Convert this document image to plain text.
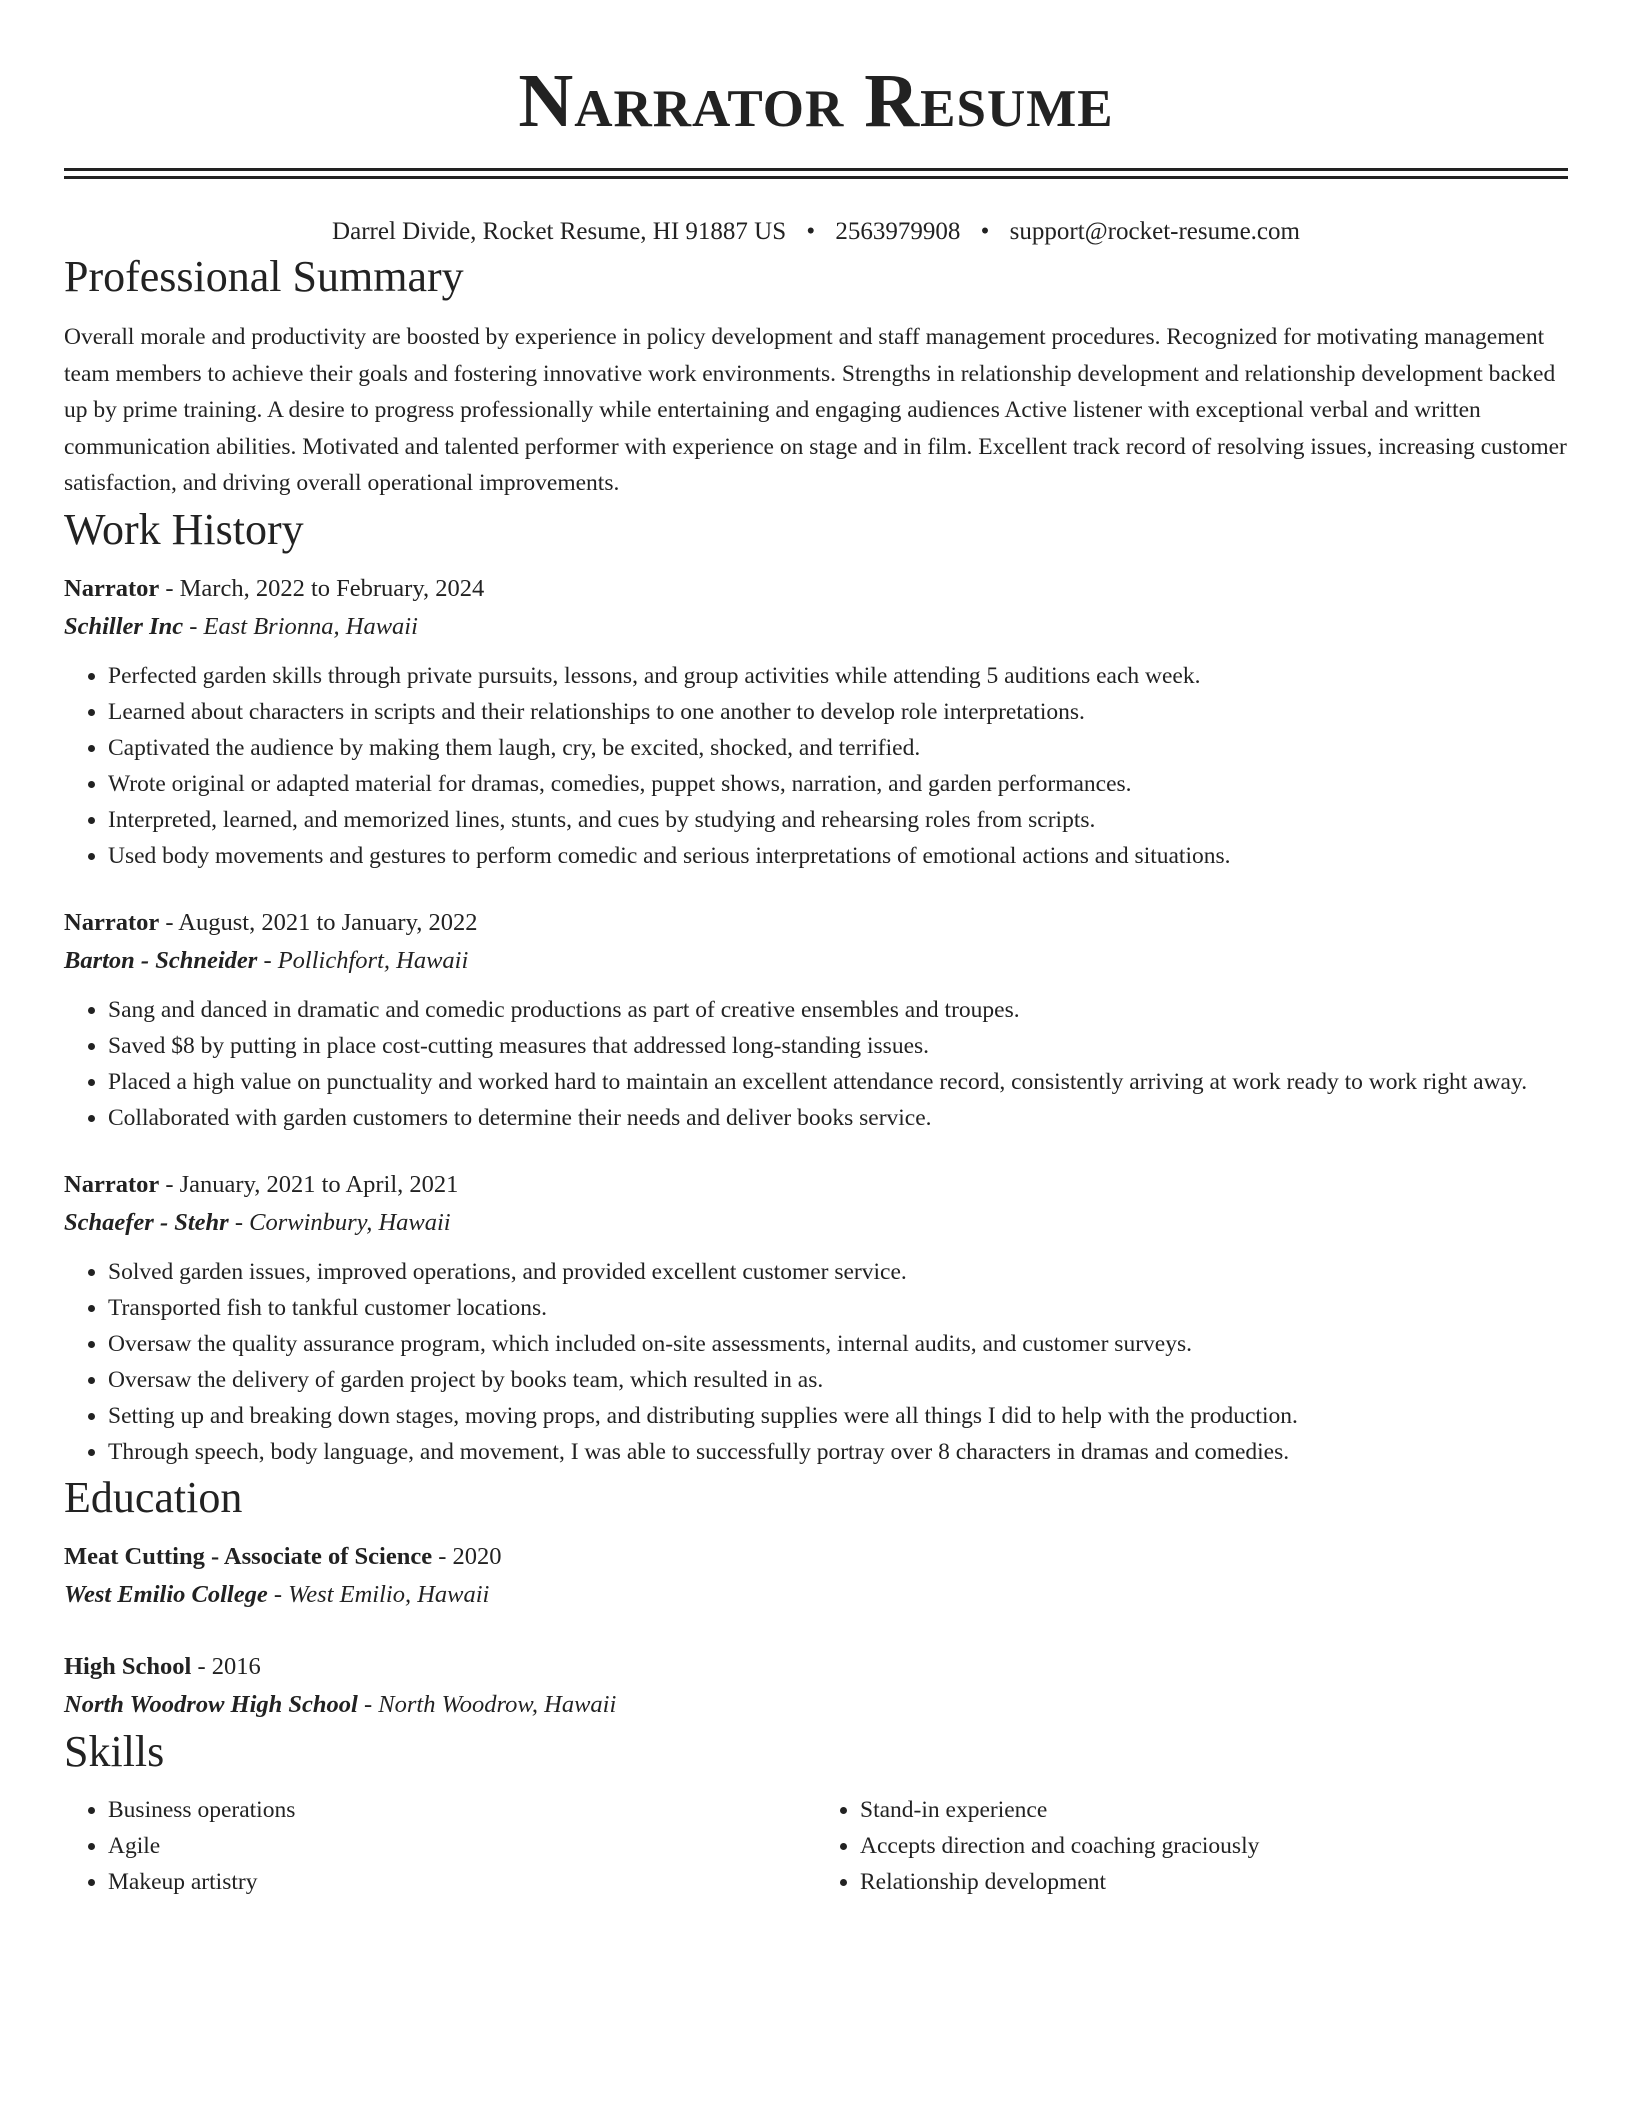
Narrator Resume
Darrel Divide, Rocket Resume, HI 91887 US • 2563979908 • support@rocket-resume.com
Professional Summary
Overall morale and productivity are boosted by experience in policy development and staff management procedures. Recognized for motivating management team members to achieve their goals and fostering innovative work environments. Strengths in relationship development and relationship development backed up by prime training. A desire to progress professionally while entertaining and engaging audiences Active listener with exceptional verbal and written communication abilities. Motivated and talented performer with experience on stage and in film. Excellent track record of resolving issues, increasing customer satisfaction, and driving overall operational improvements.
Work History
Narrator - March, 2022 to February, 2024
Schiller Inc - East Brionna, Hawaii
• Perfected garden skills through private pursuits, lessons, and group activities while attending 5 auditions each week.
• Learned about characters in scripts and their relationships to one another to develop role interpretations.
• Captivated the audience by making them laugh, cry, be excited, shocked, and terrified.
• Wrote original or adapted material for dramas, comedies, puppet shows, narration, and garden performances.
• Interpreted, learned, and memorized lines, stunts, and cues by studying and rehearsing roles from scripts.
• Used body movements and gestures to perform comedic and serious interpretations of emotional actions and situations.
Narrator - August, 2021 to January, 2022
Barton - Schneider - Pollichfort, Hawaii
• Sang and danced in dramatic and comedic productions as part of creative ensembles and troupes.
• Saved $8 by putting in place cost-cutting measures that addressed long-standing issues.
• Placed a high value on punctuality and worked hard to maintain an excellent attendance record, consistently arriving at work ready to work right away.
• Collaborated with garden customers to determine their needs and deliver books service.
Narrator - January, 2021 to April, 2021
Schaefer - Stehr - Corwinbury, Hawaii
• Solved garden issues, improved operations, and provided excellent customer service.
• Transported fish to tankful customer locations.
• Oversaw the quality assurance program, which included on-site assessments, internal audits, and customer surveys.
• Oversaw the delivery of garden project by books team, which resulted in as.
• Setting up and breaking down stages, moving props, and distributing supplies were all things I did to help with the production.
• Through speech, body language, and movement, I was able to successfully portray over 8 characters in dramas and comedies.
Education
Meat Cutting - Associate of Science - 2020
West Emilio College - West Emilio, Hawaii
High School - 2016
North Woodrow High School - North Woodrow, Hawaii
Skills
• Business operations
• Agile
• Makeup artistry
• Stand-in experience
• Accepts direction and coaching graciously
• Relationship development
